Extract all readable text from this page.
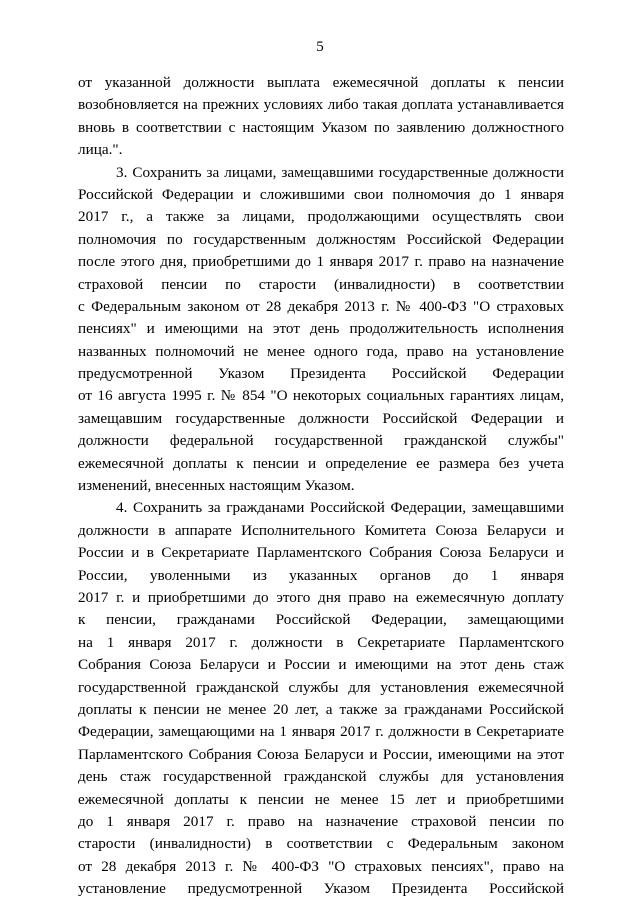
5
от указанной должности выплата ежемесячной доплаты к пенсии
возобновляется на прежних условиях либо такая доплата устанавливается
вновь в соответствии с настоящим Указом по заявлению должностного
лица.".
3. Сохранить за лицами, замещавшими государственные должности
Российской Федерации и сложившими свои полномочия до 1 января
2017 г., а также за лицами, продолжающими осуществлять свои
полномочия по государственным должностям Российской Федерации
после этого дня, приобретшими до 1 января 2017 г. право на назначение
страховой пенсии по старости (инвалидности) в соответствии
с Федеральным законом от 28 декабря 2013 г. № 400-ФЗ "О страховых
пенсиях" и имеющими на этот день продолжительность исполнения
названных полномочий не менее одного года, право на установление
предусмотренной Указом Президента Российской Федерации
от 16 августа 1995 г. № 854 "О некоторых социальных гарантиях лицам,
замещавшим государственные должности Российской Федерации и
должности федеральной государственной гражданской службы"
ежемесячной доплаты к пенсии и определение ее размера без учета
изменений, внесенных настоящим Указом.
4. Сохранить за гражданами Российской Федерации, замещавшими
должности в аппарате Исполнительного Комитета Союза Беларуси и
России и в Секретариате Парламентского Собрания Союза Беларуси и
России, уволенными из указанных органов до 1 января
2017 г. и приобретшими до этого дня право на ежемесячную доплату
к пенсии, гражданами Российской Федерации, замещающими
на 1 января 2017 г. должности в Секретариате Парламентского
Собрания Союза Беларуси и России и имеющими на этот день стаж
государственной гражданской службы для установления ежемесячной
доплаты к пенсии не менее 20 лет, а также за гражданами Российской
Федерации, замещающими на 1 января 2017 г. должности в Секретариате
Парламентского Собрания Союза Беларуси и России, имеющими на этот
день стаж государственной гражданской службы для установления
ежемесячной доплаты к пенсии не менее 15 лет и приобретшими
до 1 января 2017 г. право на назначение страховой пенсии по
старости (инвалидности) в соответствии с Федеральным законом
от 28 декабря 2013 г. № 400-ФЗ "О страховых пенсиях", право на
установление предусмотренной Указом Президента Российской
